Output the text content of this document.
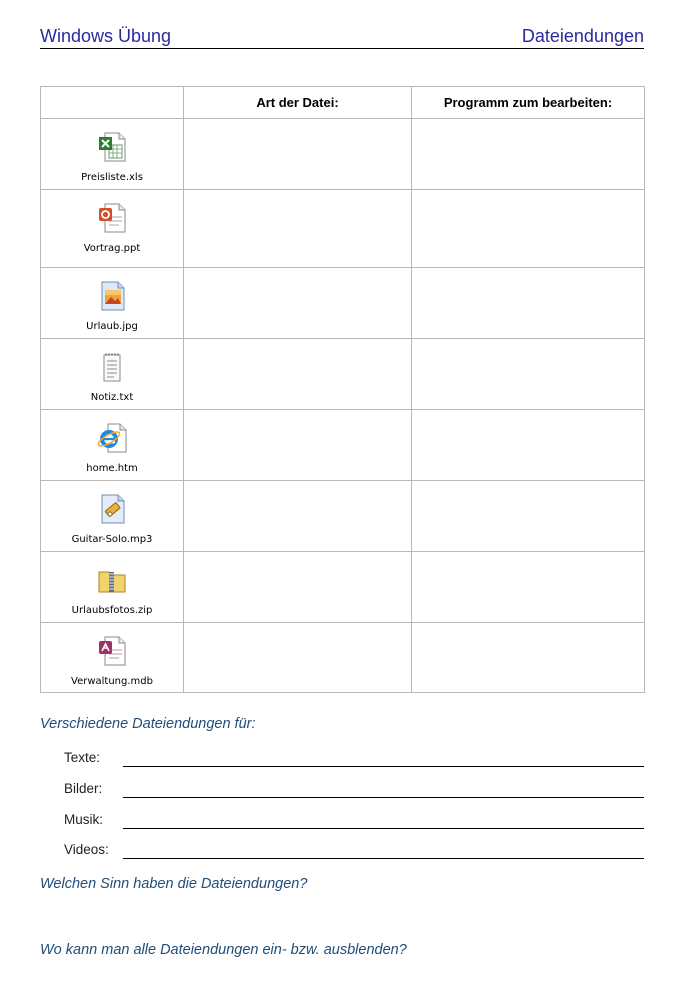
Windows Übung	Dateiendungen
	Art der Datei:	Programm zum bearbeiten:

Preisliste.xls		

Vortrag.ppt		

Urlaub.jpg		

Notiz.txt		

home.htm		

Guitar-Solo.mp3		

Urlaubsfotos.zip		

Verwaltung.mdb		
Verschiedene Dateiendungen für:
Texte:
Bilder:
Musik:
Videos:
Welchen Sinn haben die Dateiendungen?
Wo kann man alle Dateiendungen ein- bzw. ausblenden?
